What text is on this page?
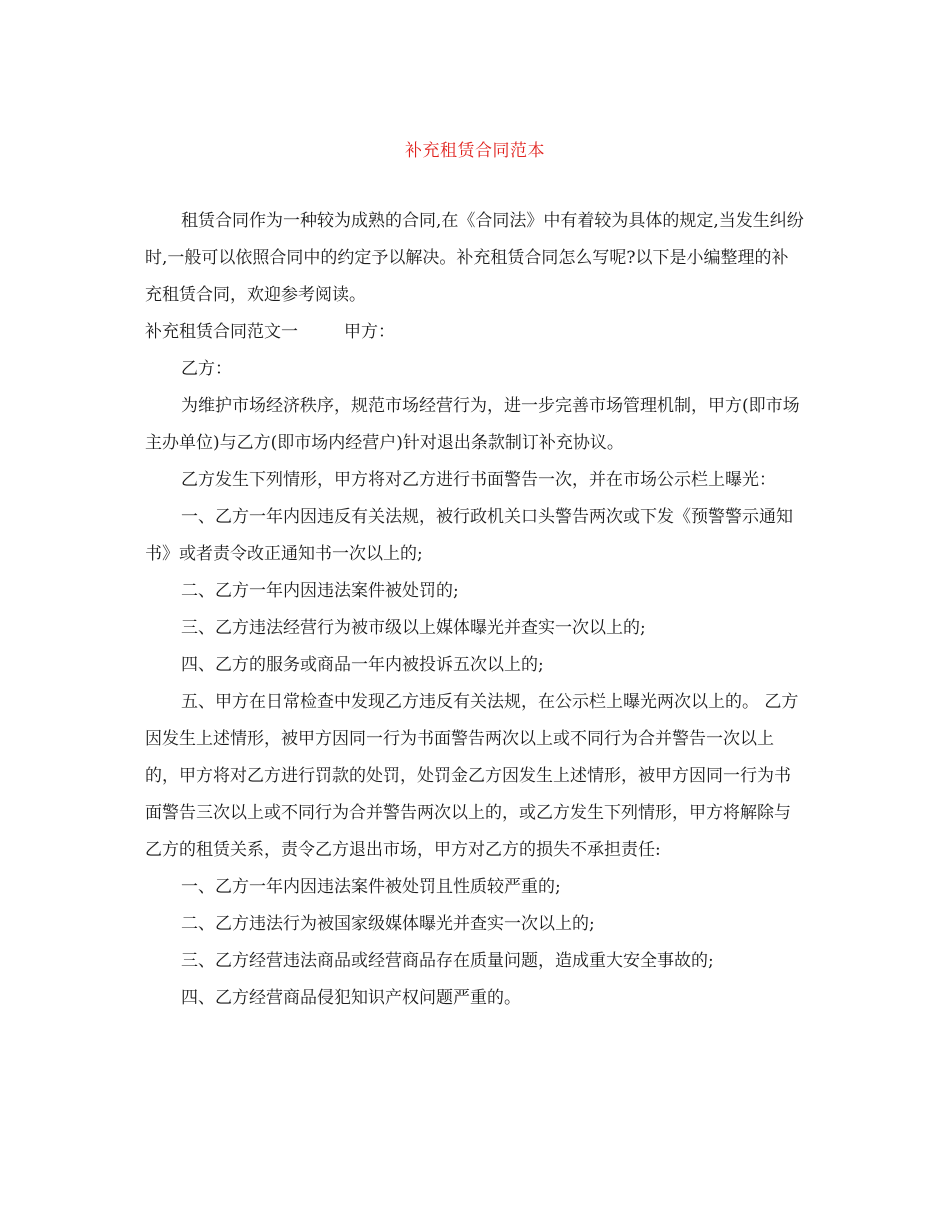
补充租赁合同范本

租赁合同作为一种较为成熟的合同,在《合同法》中有着较为具体的规定,当发生纠纷时,一般可以依照合同中的约定予以解决。补充租赁合同怎么写呢?以下是小编整理的补充租赁合同，欢迎参考阅读。

补充租赁合同范文一	甲方：

乙方：

为维护市场经济秩序，规范市场经营行为，进一步完善市场管理机制，甲方(即市场主办单位)与乙方(即市场内经营户)针对退出条款制订补充协议。

乙方发生下列情形，甲方将对乙方进行书面警告一次，并在市场公示栏上曝光：

一、乙方一年内因违反有关法规，被行政机关口头警告两次或下发《预警警示通知书》或者责令改正通知书一次以上的;

二、乙方一年内因违法案件被处罚的;

三、乙方违法经营行为被市级以上媒体曝光并查实一次以上的;

四、乙方的服务或商品一年内被投诉五次以上的;

五、甲方在日常检查中发现乙方违反有关法规，在公示栏上曝光两次以上的。 乙方因发生上述情形，被甲方因同一行为书面警告两次以上或不同行为合并警告一次以上的，甲方将对乙方进行罚款的处罚，处罚金乙方因发生上述情形，被甲方因同一行为书面警告三次以上或不同行为合并警告两次以上的，或乙方发生下列情形，甲方将解除与乙方的租赁关系，责令乙方退出市场，甲方对乙方的损失不承担责任:

一、乙方一年内因违法案件被处罚且性质较严重的;

二、乙方违法行为被国家级媒体曝光并查实一次以上的;

三、乙方经营违法商品或经营商品存在质量问题，造成重大安全事故的;

四、乙方经营商品侵犯知识产权问题严重的。
